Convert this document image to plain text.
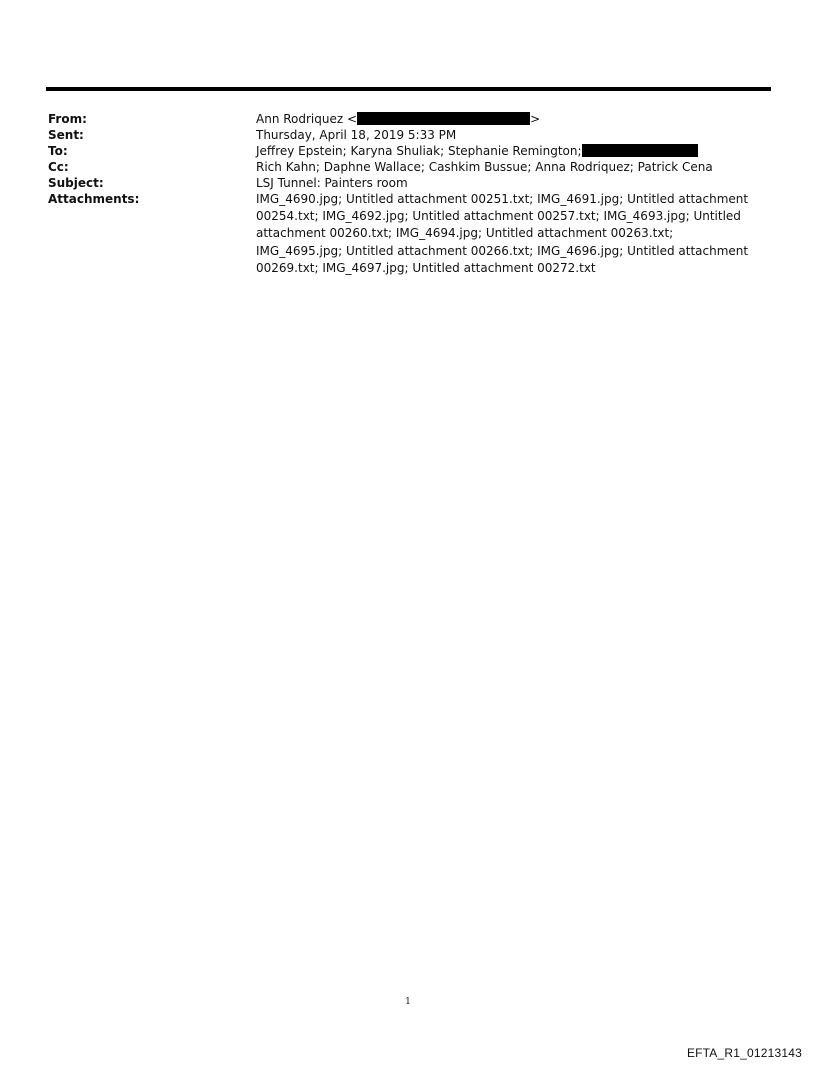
From:	Ann Rodriquez <	>
Sent:	Thursday, April 18, 2019 5:33 PM
To:	Jeffrey Epstein; Karyna Shuliak; Stephanie Remington;
Cc:	Rich Kahn; Daphne Wallace; Cashkim Bussue; Anna Rodriquez; Patrick Cena
Subject:	LSJ Tunnel: Painters room
Attachments:	IMG_4690.jpg; Untitled attachment 00251.txt; IMG_4691.jpg; Untitled attachment 00254.txt; IMG_4692.jpg; Untitled attachment 00257.txt; IMG_4693.jpg; Untitled attachment 00260.txt; IMG_4694.jpg; Untitled attachment 00263.txt; IMG_4695.jpg; Untitled attachment 00266.txt; IMG_4696.jpg; Untitled attachment 00269.txt; IMG_4697.jpg; Untitled attachment 00272.txt
1
EFTA_R1_01213143
